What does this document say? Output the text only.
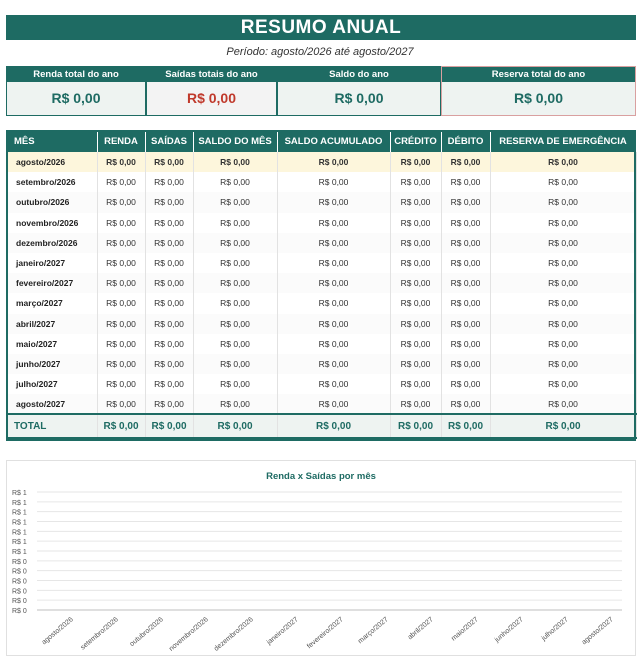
RESUMO ANUAL
Período: agosto/2026 até agosto/2027
Renda total do ano
R$ 0,00
Saídas totais do ano
R$ 0,00
Saldo do ano
R$ 0,00
Reserva total do ano
R$ 0,00
MÊS	RENDA	SAÍDAS	SALDO DO MÊS	SALDO ACUMULADO	CRÉDITO	DÉBITO	RESERVA DE EMERGÊNCIA
agosto/2026	R$ 0,00	R$ 0,00	R$ 0,00	R$ 0,00	R$ 0,00	R$ 0,00	R$ 0,00
setembro/2026	R$ 0,00	R$ 0,00	R$ 0,00	R$ 0,00	R$ 0,00	R$ 0,00	R$ 0,00
outubro/2026	R$ 0,00	R$ 0,00	R$ 0,00	R$ 0,00	R$ 0,00	R$ 0,00	R$ 0,00
novembro/2026	R$ 0,00	R$ 0,00	R$ 0,00	R$ 0,00	R$ 0,00	R$ 0,00	R$ 0,00
dezembro/2026	R$ 0,00	R$ 0,00	R$ 0,00	R$ 0,00	R$ 0,00	R$ 0,00	R$ 0,00
janeiro/2027	R$ 0,00	R$ 0,00	R$ 0,00	R$ 0,00	R$ 0,00	R$ 0,00	R$ 0,00
fevereiro/2027	R$ 0,00	R$ 0,00	R$ 0,00	R$ 0,00	R$ 0,00	R$ 0,00	R$ 0,00
março/2027	R$ 0,00	R$ 0,00	R$ 0,00	R$ 0,00	R$ 0,00	R$ 0,00	R$ 0,00
abril/2027	R$ 0,00	R$ 0,00	R$ 0,00	R$ 0,00	R$ 0,00	R$ 0,00	R$ 0,00
maio/2027	R$ 0,00	R$ 0,00	R$ 0,00	R$ 0,00	R$ 0,00	R$ 0,00	R$ 0,00
junho/2027	R$ 0,00	R$ 0,00	R$ 0,00	R$ 0,00	R$ 0,00	R$ 0,00	R$ 0,00
julho/2027	R$ 0,00	R$ 0,00	R$ 0,00	R$ 0,00	R$ 0,00	R$ 0,00	R$ 0,00
agosto/2027	R$ 0,00	R$ 0,00	R$ 0,00	R$ 0,00	R$ 0,00	R$ 0,00	R$ 0,00
TOTAL	R$ 0,00	R$ 0,00	R$ 0,00	R$ 0,00	R$ 0,00	R$ 0,00	R$ 0,00
Renda x Saídas por mês
R$ 1
R$ 1
R$ 1
R$ 1
R$ 1
R$ 1
R$ 1
R$ 0
R$ 0
R$ 0
R$ 0
R$ 0
R$ 0
agosto/2026 setembro/2026 outubro/2026 novembro/2026 dezembro/2026 janeiro/2027 fevereiro/2027 março/2027 abril/2027 maio/2027 junho/2027 julho/2027 agosto/2027
